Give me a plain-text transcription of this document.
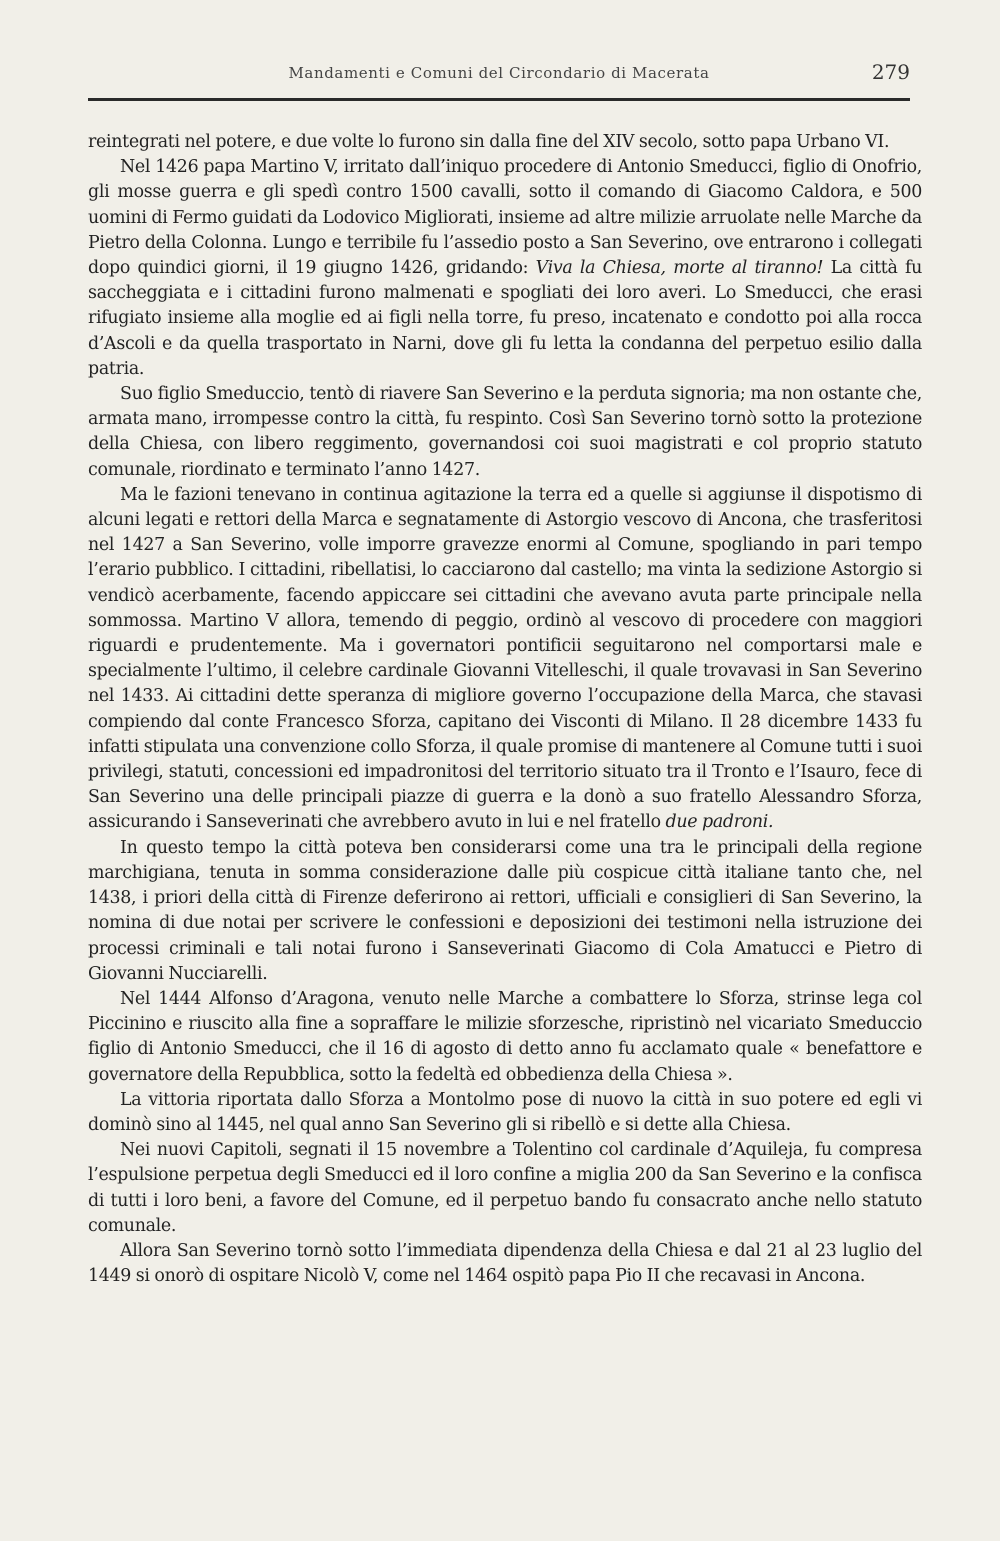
Mandamenti e Comuni del Circondario di Macerata	279

reintegrati nel potere, e due volte lo furono sin dalla fine del XIV secolo, sotto papa Urbano VI.

Nel 1426 papa Martino V, irritato dall’iniquo procedere di Antonio Smeducci, figlio di Onofrio, gli mosse guerra e gli spedì contro 1500 cavalli, sotto il comando di Giacomo Caldora, e 500 uomini di Fermo guidati da Lodovico Migliorati, insieme ad altre milizie arruolate nelle Marche da Pietro della Colonna. Lungo e terribile fu l’assedio posto a San Severino, ove entrarono i collegati dopo quindici giorni, il 19 giugno 1426, gridando: Viva la Chiesa, morte al tiranno! La città fu saccheggiata e i cittadini furono malmenati e spogliati dei loro averi. Lo Smeducci, che erasi rifugiato insieme alla moglie ed ai figli nella torre, fu preso, incatenato e condotto poi alla rocca d’Ascoli e da quella trasportato in Narni, dove gli fu letta la condanna del perpetuo esilio dalla patria.

Suo figlio Smeduccio, tentò di riavere San Severino e la perduta signoria; ma non ostante che, armata mano, irrompesse contro la città, fu respinto. Così San Severino tornò sotto la protezione della Chiesa, con libero reggimento, governandosi coi suoi magistrati e col proprio statuto comunale, riordinato e terminato l’anno 1427.

Ma le fazioni tenevano in continua agitazione la terra ed a quelle si aggiunse il dispotismo di alcuni legati e rettori della Marca e segnatamente di Astorgio vescovo di Ancona, che trasferitosi nel 1427 a San Severino, volle imporre gravezze enormi al Comune, spogliando in pari tempo l’erario pubblico. I cittadini, ribellatisi, lo cacciarono dal castello; ma vinta la sedizione Astorgio si vendicò acerbamente, facendo appiccare sei cittadini che avevano avuta parte principale nella sommossa. Martino V allora, temendo di peggio, ordinò al vescovo di procedere con maggiori riguardi e prudentemente. Ma i governatori pontificii seguitarono nel comportarsi male e specialmente l’ultimo, il celebre cardinale Giovanni Vitelleschi, il quale trovavasi in San Severino nel 1433. Ai cittadini dette speranza di migliore governo l’occupazione della Marca, che stavasi compiendo dal conte Francesco Sforza, capitano dei Visconti di Milano. Il 28 dicembre 1433 fu infatti stipulata una convenzione collo Sforza, il quale promise di mantenere al Comune tutti i suoi privilegi, statuti, concessioni ed impadronitosi del territorio situato tra il Tronto e l’Isauro, fece di San Severino una delle principali piazze di guerra e la donò a suo fratello Alessandro Sforza, assicurando i Sanseverinati che avrebbero avuto in lui e nel fratello due padroni.

In questo tempo la città poteva ben considerarsi come una tra le principali della regione marchigiana, tenuta in somma considerazione dalle più cospicue città italiane tanto che, nel 1438, i priori della città di Firenze deferirono ai rettori, ufficiali e consiglieri di San Severino, la nomina di due notai per scrivere le confessioni e deposizioni dei testimoni nella istruzione dei processi criminali e tali notai furono i Sanseverinati Giacomo di Cola Amatucci e Pietro di Giovanni Nucciarelli.

Nel 1444 Alfonso d’Aragona, venuto nelle Marche a combattere lo Sforza, strinse lega col Piccinino e riuscito alla fine a sopraffare le milizie sforzesche, ripristinò nel vicariato Smeduccio figlio di Antonio Smeducci, che il 16 di agosto di detto anno fu acclamato quale « benefattore e governatore della Repubblica, sotto la fedeltà ed obbedienza della Chiesa ».

La vittoria riportata dallo Sforza a Montolmo pose di nuovo la città in suo potere ed egli vi dominò sino al 1445, nel qual anno San Severino gli si ribellò e si dette alla Chiesa.

Nei nuovi Capitoli, segnati il 15 novembre a Tolentino col cardinale d’Aquileja, fu compresa l’espulsione perpetua degli Smeducci ed il loro confine a miglia 200 da San Severino e la confisca di tutti i loro beni, a favore del Comune, ed il perpetuo bando fu consacrato anche nello statuto comunale.

Allora San Severino tornò sotto l’immediata dipendenza della Chiesa e dal 21 al 23 luglio del 1449 si onorò di ospitare Nicolò V, come nel 1464 ospitò papa Pio II che recavasi in Ancona.
